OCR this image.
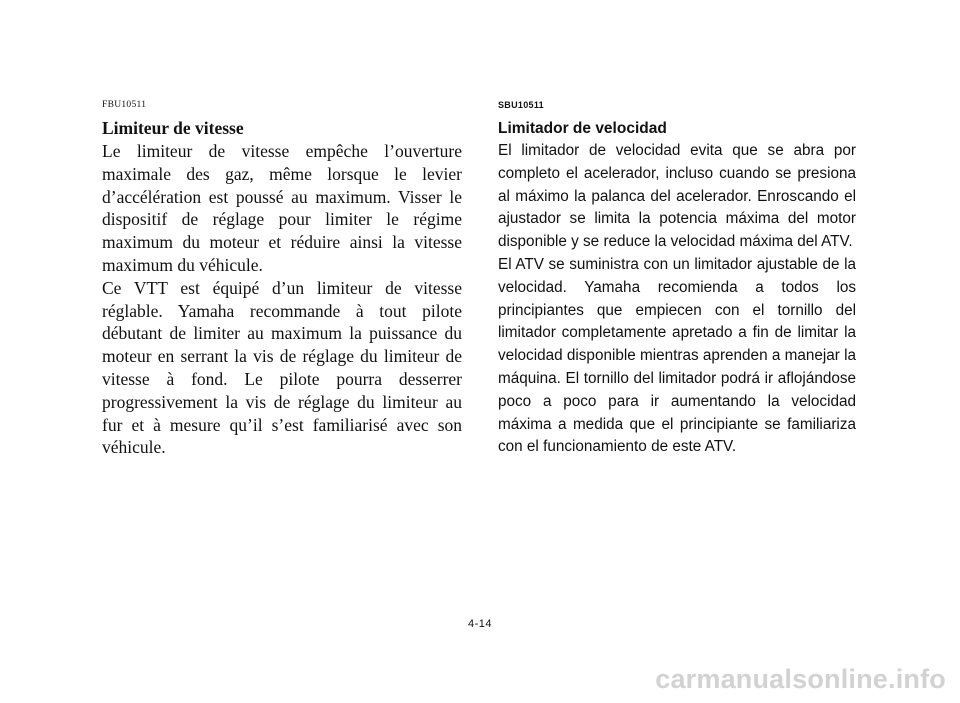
FBU10511

Limiteur de vitesse

Le limiteur de vitesse empêche l’ouverture maximale des gaz, même lorsque le levier d’accélération est poussé au maximum. Visser le dispositif de réglage pour limiter le régime maximum du moteur et réduire ainsi la vitesse maximum du véhicule.

Ce VTT est équipé d’un limiteur de vitesse réglable. Yamaha recommande à tout pilote débutant de limiter au maximum la puissance du moteur en serrant la vis de réglage du limiteur de vitesse à fond. Le pilote pourra desserrer progressivement la vis de réglage du limiteur au fur et à mesure qu’il s’est familiarisé avec son véhicule.

SBU10511

Limitador de velocidad

El limitador de velocidad evita que se abra por completo el acelerador, incluso cuando se presiona al máximo la palanca del acelerador. Enroscando el ajustador se limita la potencia máxima del motor disponible y se reduce la velocidad máxima del ATV.

El ATV se suministra con un limitador ajustable de la velocidad. Yamaha recomienda a todos los principiantes que empiecen con el tornillo del limitador completamente apretado a fin de limitar la velocidad disponible mientras aprenden a manejar la máquina. El tornillo del limitador podrá ir aflojándose poco a poco para ir aumentando la velocidad máxima a medida que el principiante se familiariza con el funcionamiento de este ATV.

4-14
carmanualsonline.info
